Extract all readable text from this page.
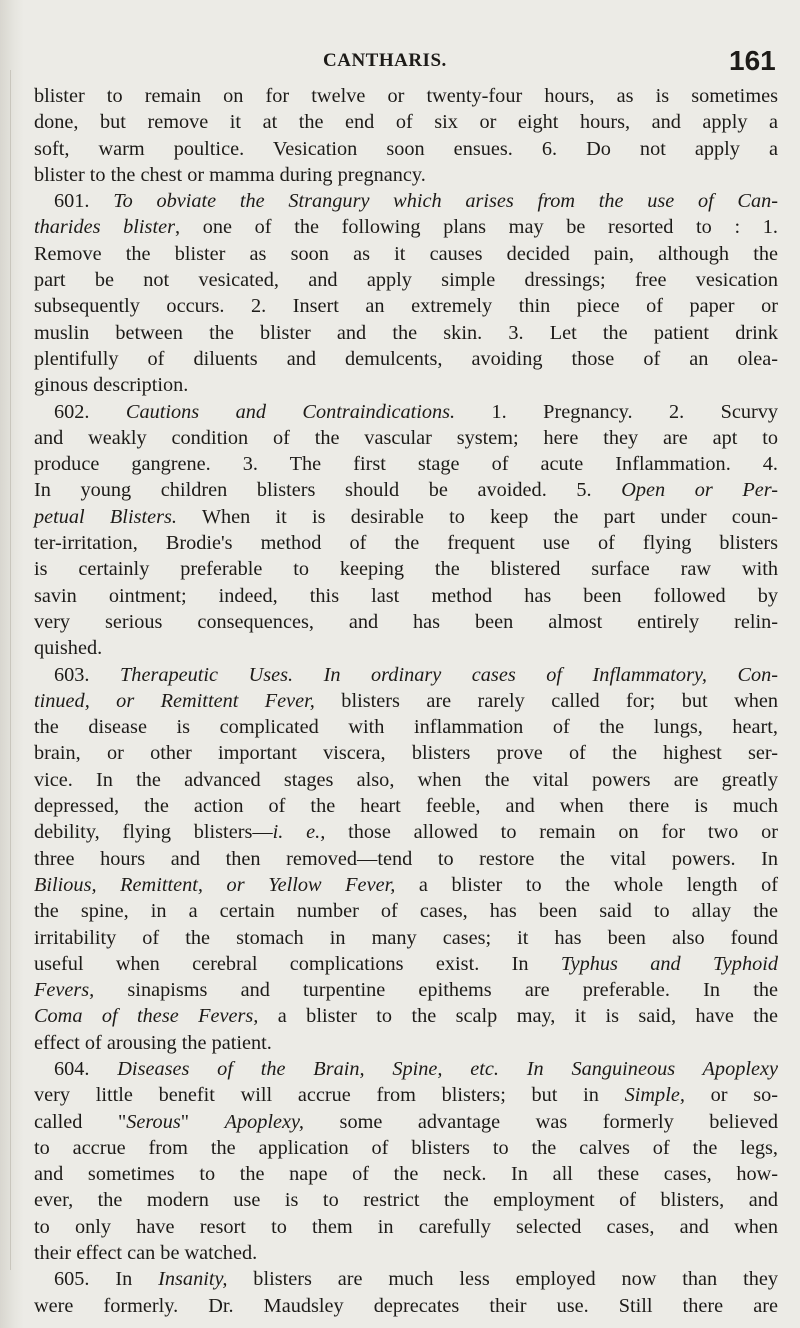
CANTHARIS.	161
blister to remain on for twelve or twenty-four hours, as is sometimes
done, but remove it at the end of six or eight hours, and apply a
soft, warm poultice. Vesication soon ensues. 6. Do not apply a
blister to the chest or mamma during pregnancy.
601. To obviate the Strangury which arises from the use of Can-
tharides blister, one of the following plans may be resorted to : 1.
Remove the blister as soon as it causes decided pain, although the
part be not vesicated, and apply simple dressings; free vesication
subsequently occurs. 2. Insert an extremely thin piece of paper or
muslin between the blister and the skin. 3. Let the patient drink
plentifully of diluents and demulcents, avoiding those of an olea-
ginous description.
602. Cautions and Contraindications. 1. Pregnancy. 2. Scurvy
and weakly condition of the vascular system; here they are apt to
produce gangrene. 3. The first stage of acute Inflammation. 4.
In young children blisters should be avoided. 5. Open or Per-
petual Blisters. When it is desirable to keep the part under coun-
ter-irritation, Brodie's method of the frequent use of flying blisters
is certainly preferable to keeping the blistered surface raw with
savin ointment; indeed, this last method has been followed by
very serious consequences, and has been almost entirely relin-
quished.
603. Therapeutic Uses. In ordinary cases of Inflammatory, Con-
tinued, or Remittent Fever, blisters are rarely called for; but when
the disease is complicated with inflammation of the lungs, heart,
brain, or other important viscera, blisters prove of the highest ser-
vice. In the advanced stages also, when the vital powers are greatly
depressed, the action of the heart feeble, and when there is much
debility, flying blisters—i. e., those allowed to remain on for two or
three hours and then removed—tend to restore the vital powers. In
Bilious, Remittent, or Yellow Fever, a blister to the whole length of
the spine, in a certain number of cases, has been said to allay the
irritability of the stomach in many cases; it has been also found
useful when cerebral complications exist. In Typhus and Typhoid
Fevers, sinapisms and turpentine epithems are preferable. In the
Coma of these Fevers, a blister to the scalp may, it is said, have the
effect of arousing the patient.
604. Diseases of the Brain, Spine, etc. In Sanguineous Apoplexy
very little benefit will accrue from blisters; but in Simple, or so-
called "Serous" Apoplexy, some advantage was formerly believed
to accrue from the application of blisters to the calves of the legs,
and sometimes to the nape of the neck. In all these cases, how-
ever, the modern use is to restrict the employment of blisters, and
to only have resort to them in carefully selected cases, and when
their effect can be watched.
605. In Insanity, blisters are much less employed now than they
were formerly. Dr. Maudsley deprecates their use. Still there are
